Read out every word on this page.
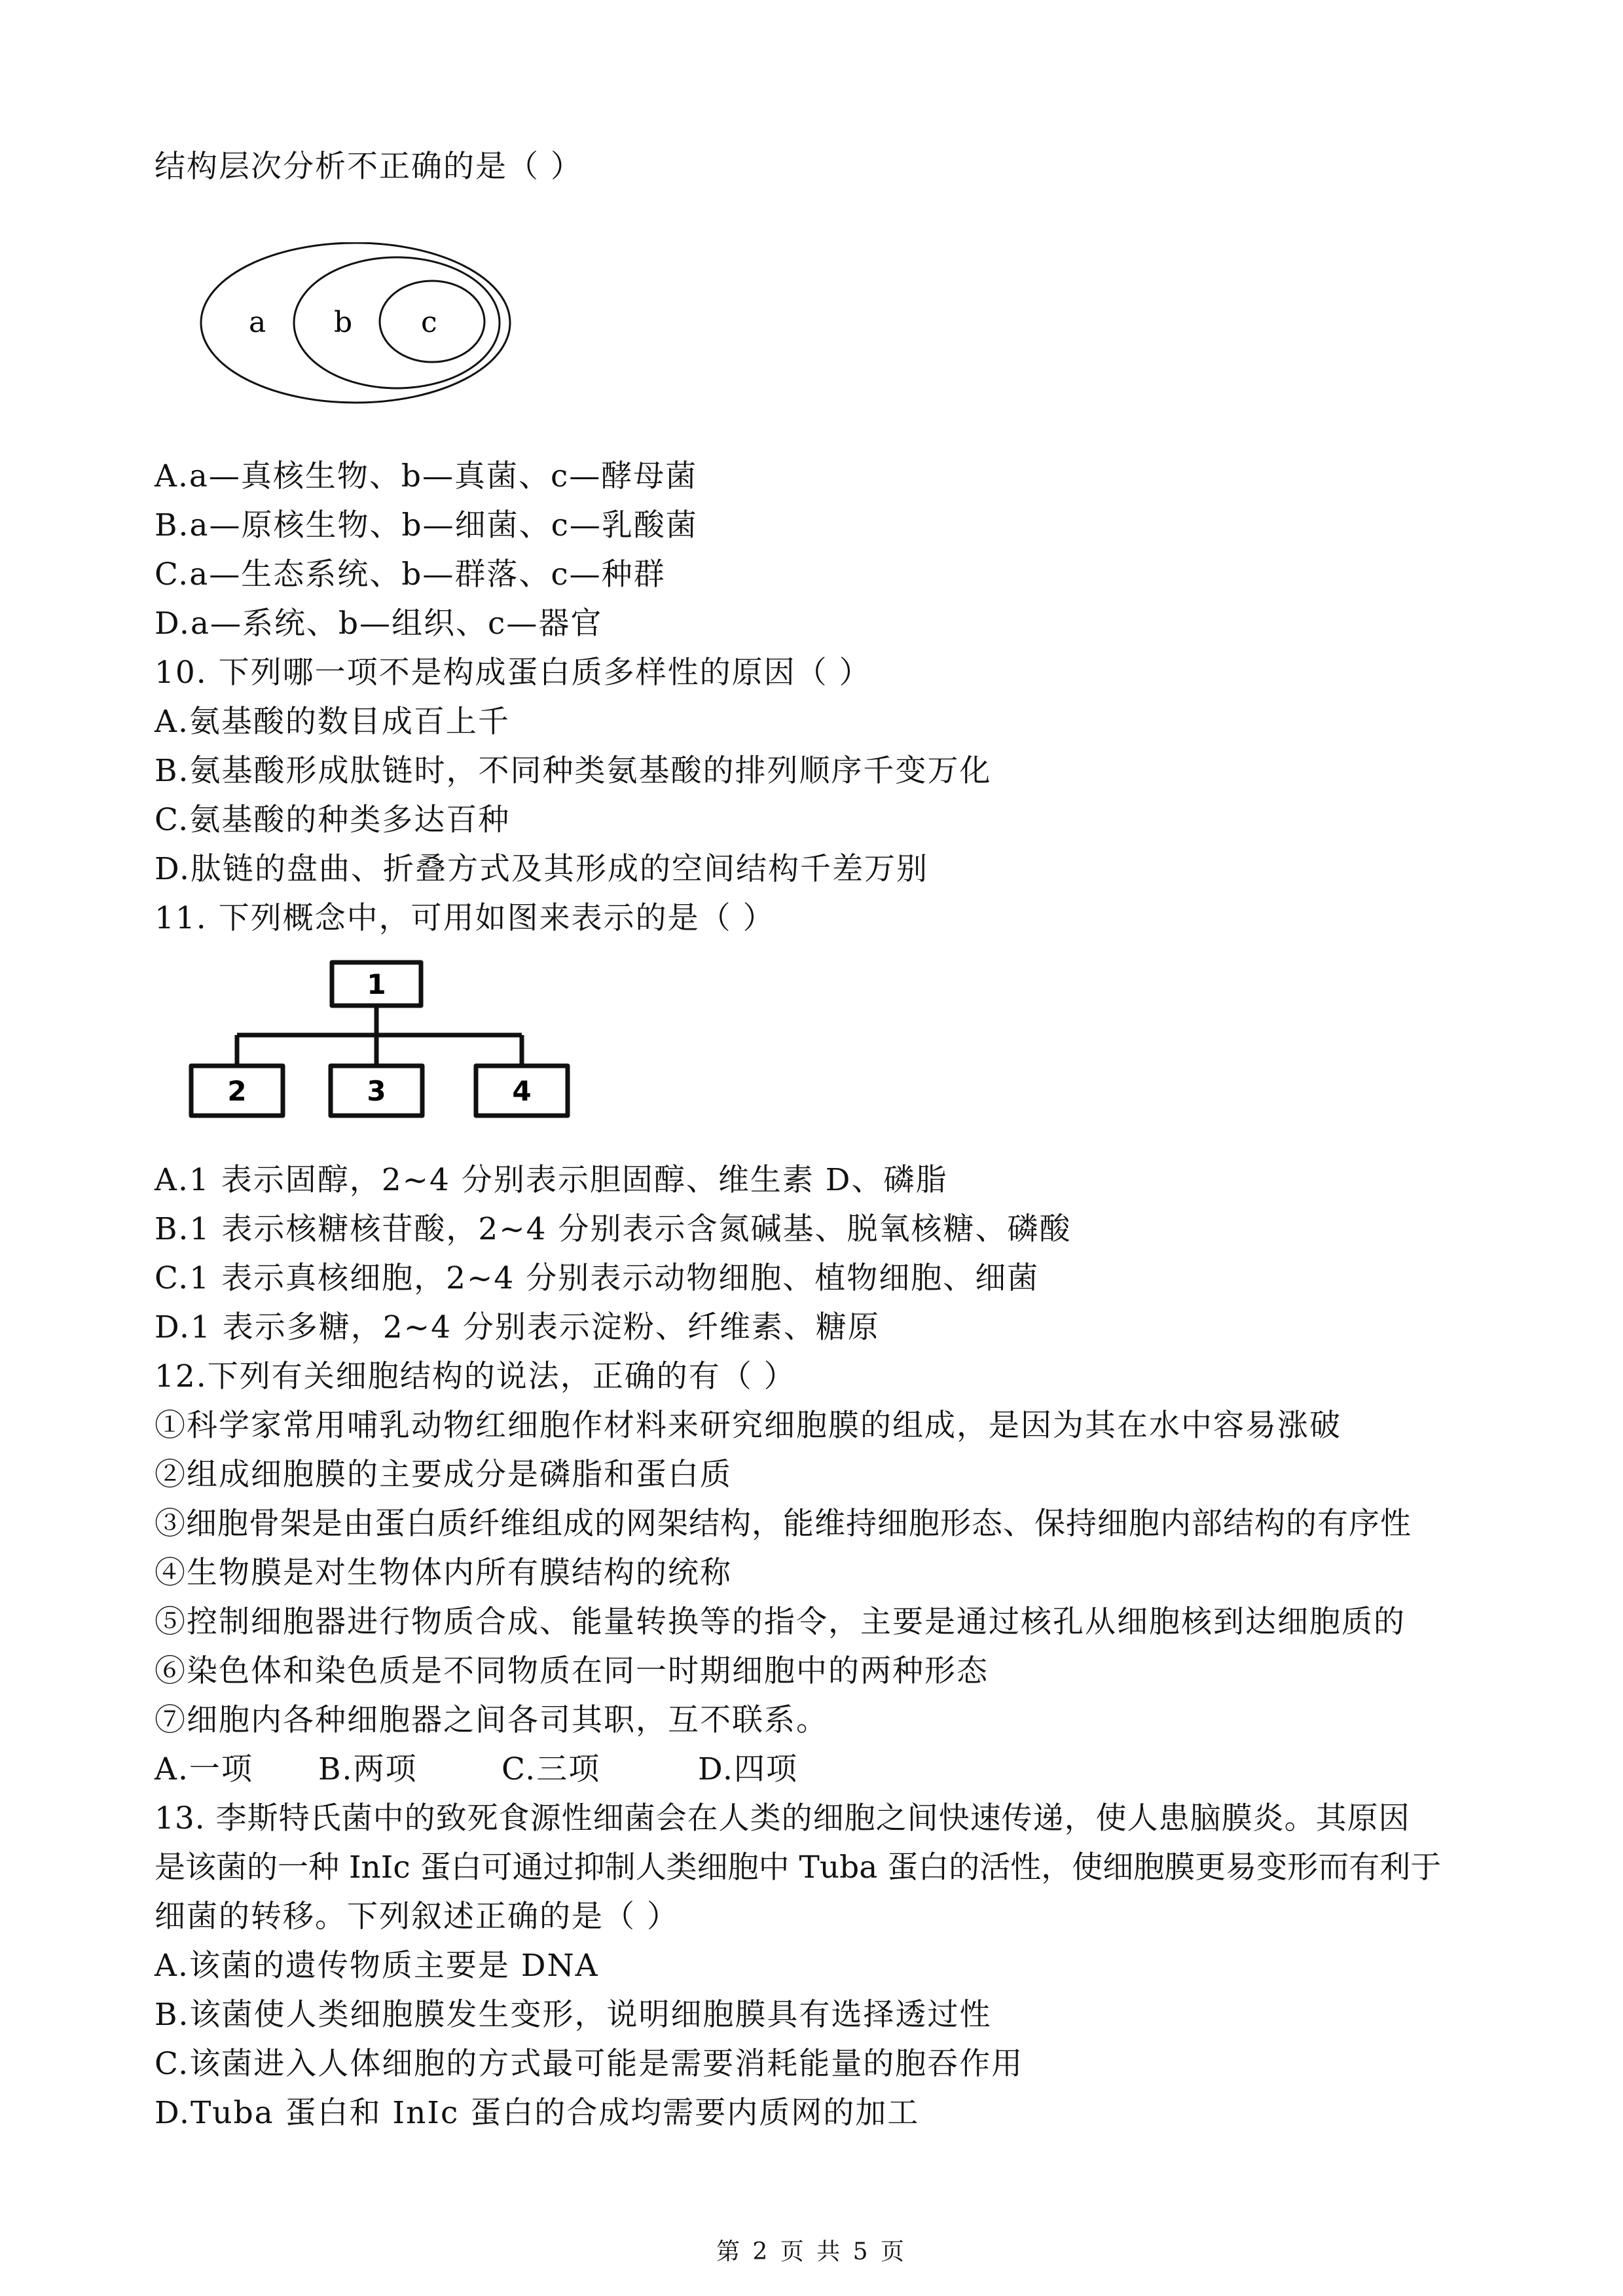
结构层次分析不正确的是（ ）
a b c
A.a—真核生物、b—真菌、c—酵母菌
B.a—原核生物、b—细菌、c—乳酸菌
C.a—生态系统、b—群落、c—种群
D.a—系统、b—组织、c—器官
10. 下列哪一项不是构成蛋白质多样性的原因（ ）
A.氨基酸的数目成百上千
B.氨基酸形成肽链时，不同种类氨基酸的排列顺序千变万化
C.氨基酸的种类多达百种
D.肽链的盘曲、折叠方式及其形成的空间结构千差万别
11. 下列概念中，可用如图来表示的是（ ）
1
2	3	4
A.1 表示固醇，2~4 分别表示胆固醇、维生素 D、磷脂
B.1 表示核糖核苷酸，2~4 分别表示含氮碱基、脱氧核糖、磷酸
C.1 表示真核细胞，2~4 分别表示动物细胞、植物细胞、细菌
D.1 表示多糖，2~4 分别表示淀粉、纤维素、糖原
12.下列有关细胞结构的说法，正确的有（ ）
①科学家常用哺乳动物红细胞作材料来研究细胞膜的组成，是因为其在水中容易涨破
②组成细胞膜的主要成分是磷脂和蛋白质
③细胞骨架是由蛋白质纤维组成的网架结构，能维持细胞形态、保持细胞内部结构的有序性
④生物膜是对生物体内所有膜结构的统称
⑤控制细胞器进行物质合成、能量转换等的指令，主要是通过核孔从细胞核到达细胞质的
⑥染色体和染色质是不同物质在同一时期细胞中的两种形态
⑦细胞内各种细胞器之间各司其职，互不联系。
A.一项 B.两项	C.三项	D.四项
13. 李斯特氏菌中的致死食源性细菌会在人类的细胞之间快速传递，使人患脑膜炎。其原因
是该菌的一种 InIc 蛋白可通过抑制人类细胞中 Tuba 蛋白的活性，使细胞膜更易变形而有利于
细菌的转移。下列叙述正确的是（ ）
A.该菌的遗传物质主要是 DNA
B.该菌使人类细胞膜发生变形，说明细胞膜具有选择透过性
C.该菌进入人体细胞的方式最可能是需要消耗能量的胞吞作用
D.Tuba 蛋白和 InIc 蛋白的合成均需要内质网的加工
第 2 页 共 5 页
